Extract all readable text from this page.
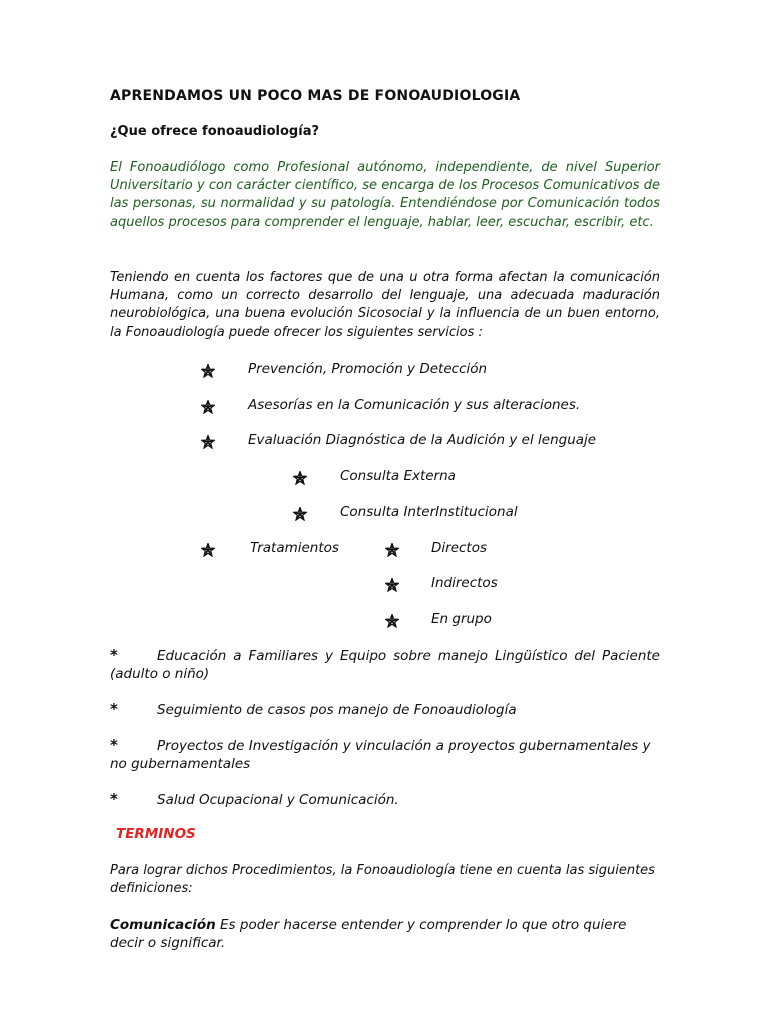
APRENDAMOS UN POCO MAS DE FONOAUDIOLOGIA
¿Que ofrece fonoaudiología?
El Fonoaudiólogo como Profesional autónomo, independiente, de nivel Superior Universitario y con carácter científico, se encarga de los Procesos Comunicativos de las personas, su normalidad y su patología. Entendiéndose por Comunicación todos aquellos procesos para comprender el lenguaje, hablar, leer, escuchar, escribir, etc.
Teniendo en cuenta los factores que de una u otra forma afectan la comunicación Humana, como un correcto desarrollo del lenguaje, una adecuada maduración neurobiológica, una buena evolución Sicosocial y la influencia de un buen entorno, la Fonoaudiología puede ofrecer los siguientes servicios :
Prevención, Promoción y Detección
Asesorías en la Comunicación y sus alteraciones.
Evaluación Diagnóstica de la Audición y el lenguaje
Consulta Externa
Consulta InterInstitucional
Tratamientos	Directos
Indirectos
En grupo
*	Educación a Familiares y Equipo sobre manejo Lingüístico del Paciente (adulto o niño)
*	Seguimiento de casos pos manejo de Fonoaudiología
*	Proyectos de Investigación y vinculación a proyectos gubernamentales y no gubernamentales
*	Salud Ocupacional y Comunicación.
TERMINOS
Para lograr dichos Procedimientos, la Fonoaudiología tiene en cuenta las siguientes definiciones:
Comunicación Es poder hacerse entender y comprender lo que otro quiere decir o significar.
